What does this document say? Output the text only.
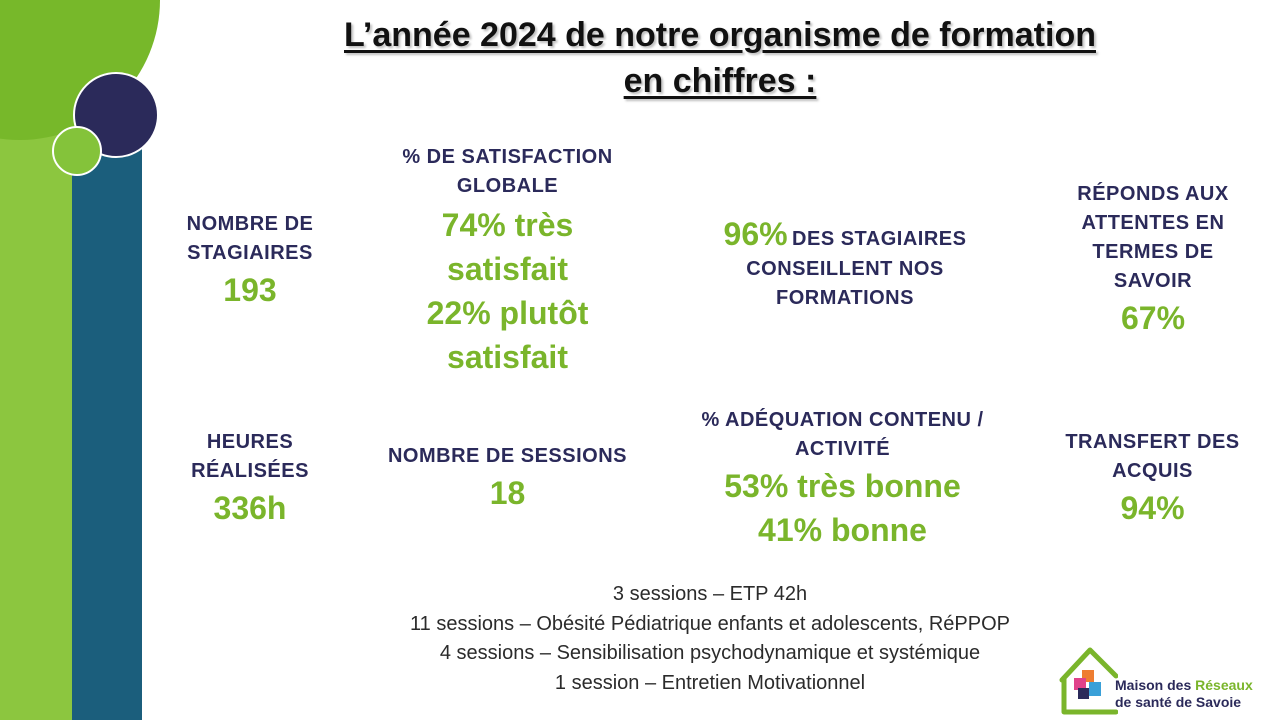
L’année 2024 de notre organisme de formation
en chiffres :
NOMBRE DE STAGIAIRES
193
% DE SATISFACTION GLOBALE
74% très satisfait
22% plutôt satisfait
96% DES STAGIAIRES
CONSEILLENT NOS FORMATIONS
RÉPONDS AUX ATTENTES EN TERMES DE SAVOIR
67%
HEURES RÉALISÉES
336h
NOMBRE DE SESSIONS
18
% ADÉQUATION CONTENU / ACTIVITÉ
53% très bonne
41% bonne
TRANSFERT DES ACQUIS
94%
3 sessions – ETP 42h
11 sessions – Obésité Pédiatrique enfants et adolescents, RéPPOP
4 sessions – Sensibilisation psychodynamique et systémique
1 session – Entretien Motivationnel	Maison des Réseaux
de santé de Savoie
